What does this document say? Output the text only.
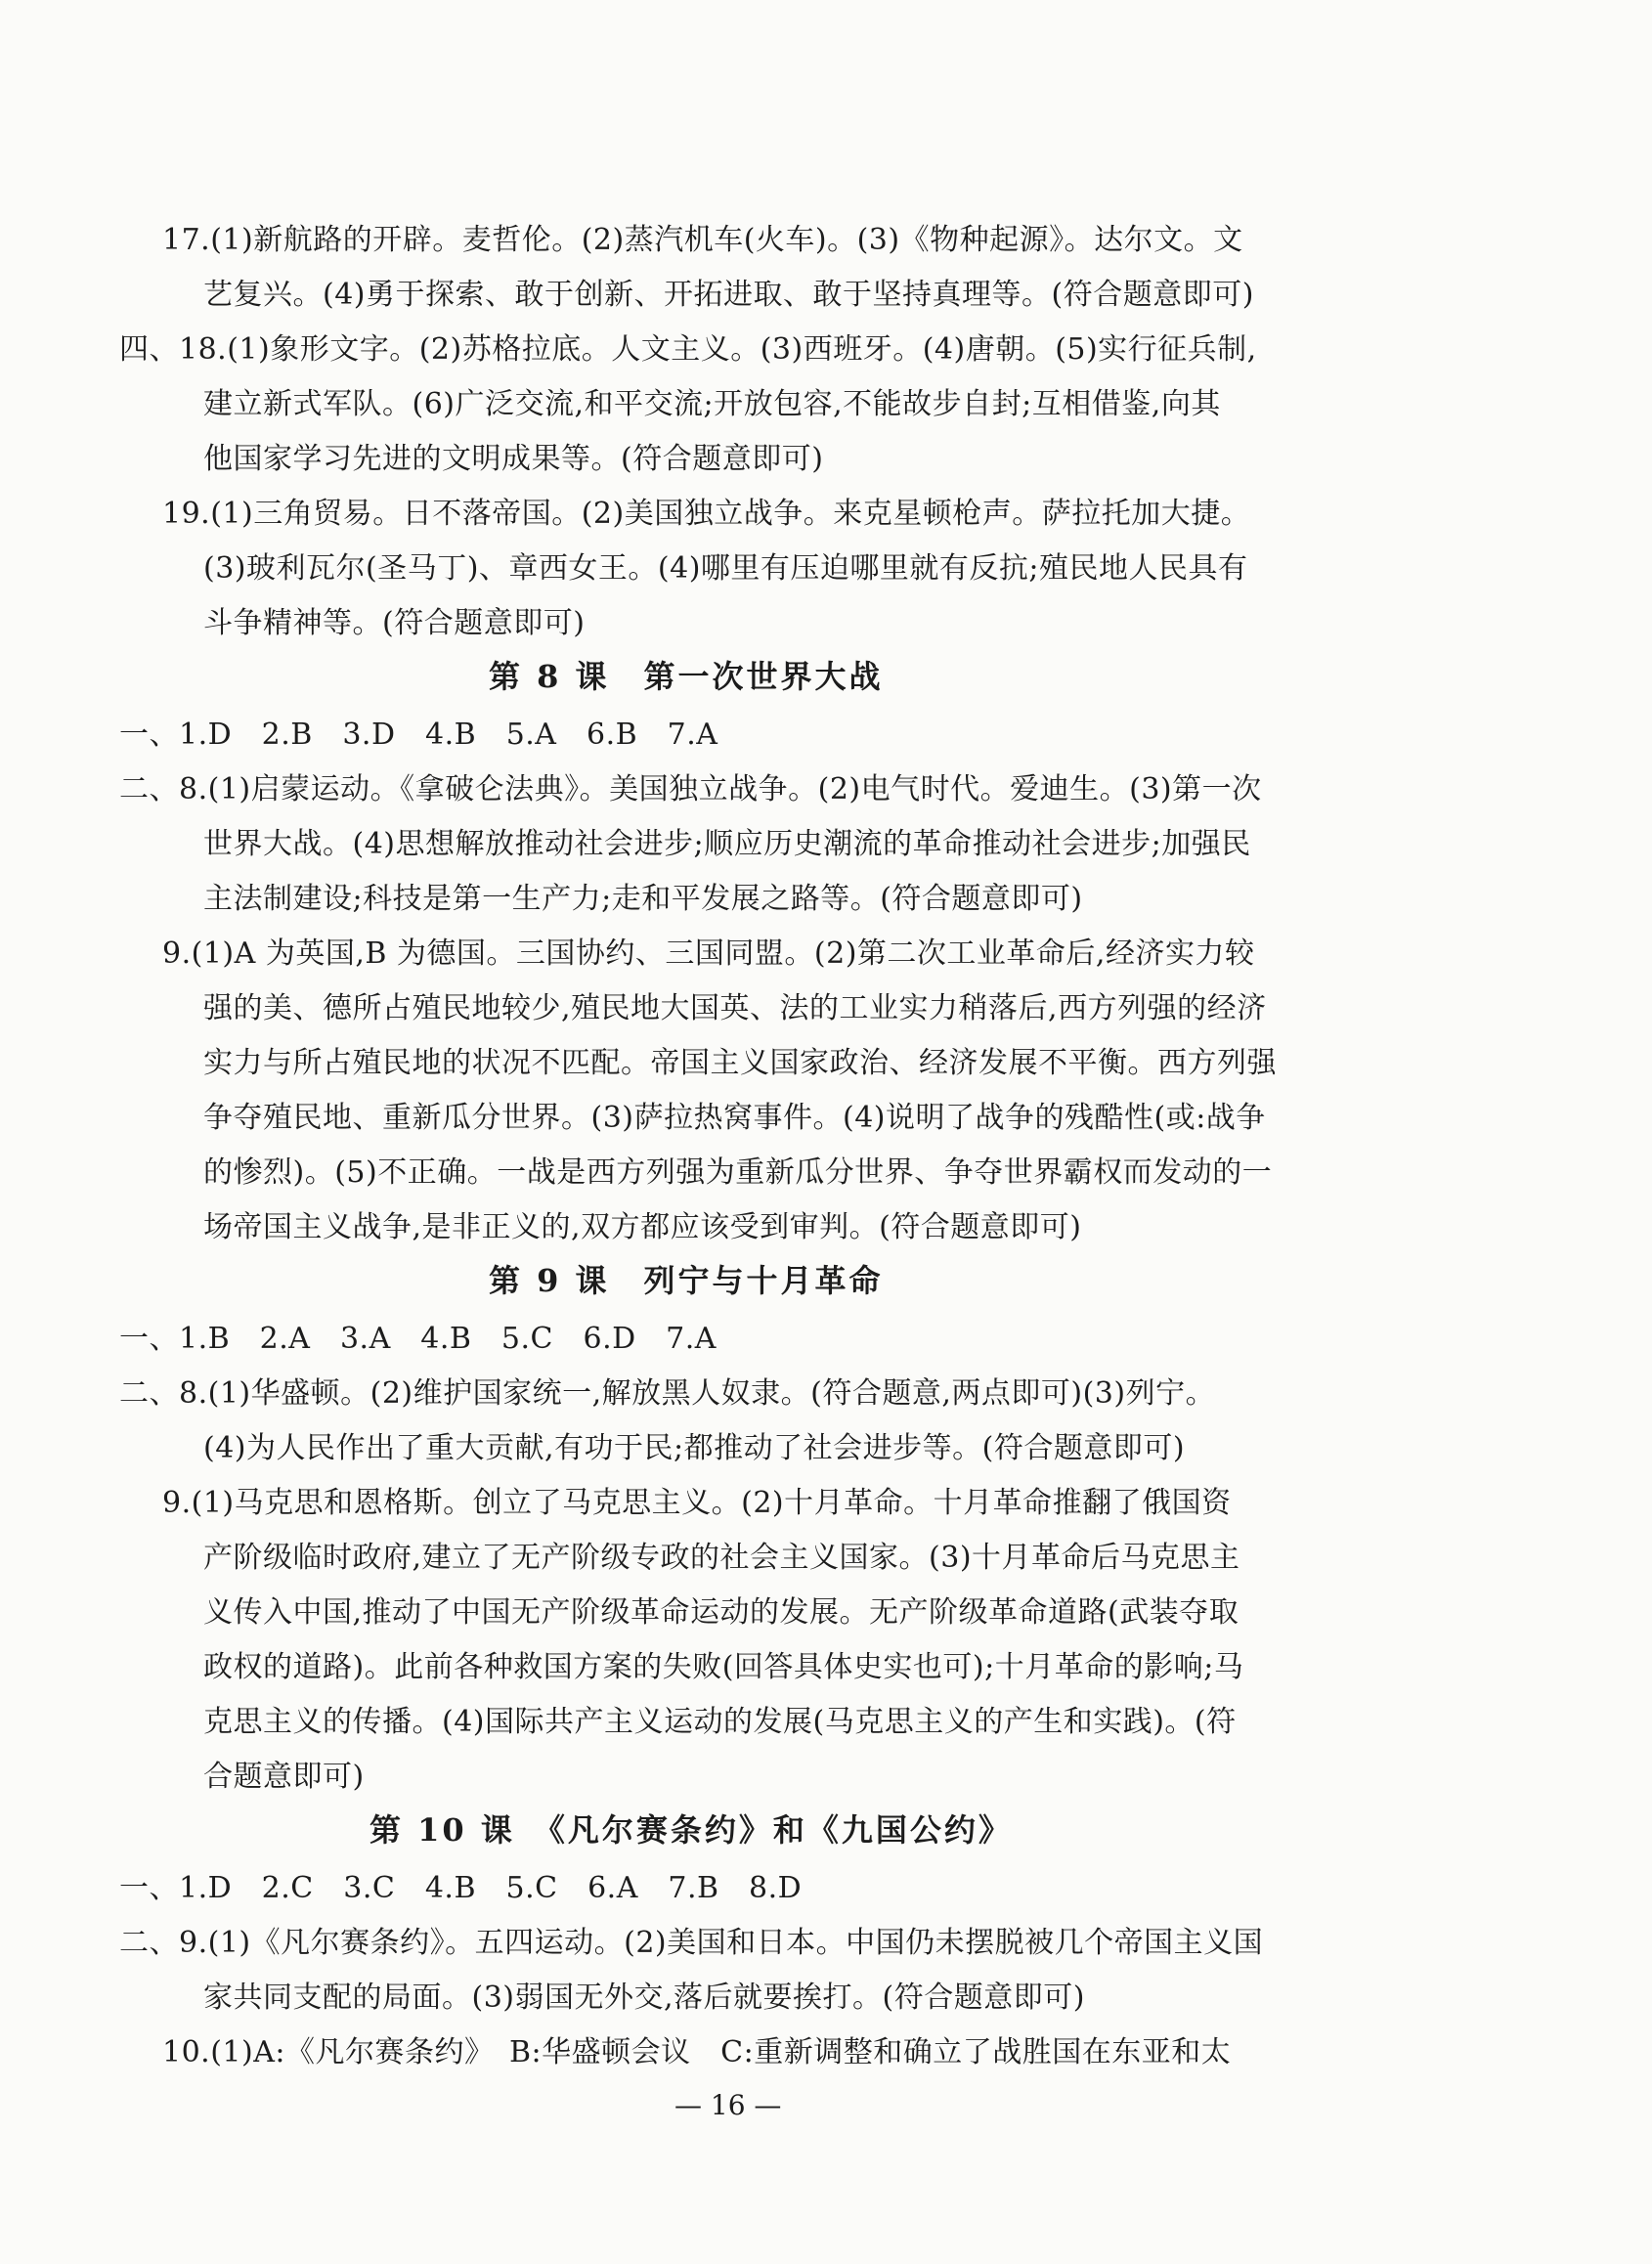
17.(1)新航路的开辟。麦哲伦。(2)蒸汽机车(火车)。(3)《物种起源》。达尔文。文
艺复兴。(4)勇于探索、敢于创新、开拓进取、敢于坚持真理等。(符合题意即可)
四、18.(1)象形文字。(2)苏格拉底。人文主义。(3)西班牙。(4)唐朝。(5)实行征兵制,
建立新式军队。(6)广泛交流,和平交流;开放包容,不能故步自封;互相借鉴,向其
他国家学习先进的文明成果等。(符合题意即可)
19.(1)三角贸易。日不落帝国。(2)美国独立战争。来克星顿枪声。萨拉托加大捷。
(3)玻利瓦尔(圣马丁)、章西女王。(4)哪里有压迫哪里就有反抗;殖民地人民具有
斗争精神等。(符合题意即可)
第 8 课　第一次世界大战
一、1.D　2.B　3.D　4.B　5.A　6.B　7.A
二、8.(1)启蒙运动。《拿破仑法典》。美国独立战争。(2)电气时代。爱迪生。(3)第一次
世界大战。(4)思想解放推动社会进步;顺应历史潮流的革命推动社会进步;加强民
主法制建设;科技是第一生产力;走和平发展之路等。(符合题意即可)
9.(1)A 为英国,B 为德国。三国协约、三国同盟。(2)第二次工业革命后,经济实力较
强的美、德所占殖民地较少,殖民地大国英、法的工业实力稍落后,西方列强的经济
实力与所占殖民地的状况不匹配。帝国主义国家政治、经济发展不平衡。西方列强
争夺殖民地、重新瓜分世界。(3)萨拉热窝事件。(4)说明了战争的残酷性(或:战争
的惨烈)。(5)不正确。一战是西方列强为重新瓜分世界、争夺世界霸权而发动的一
场帝国主义战争,是非正义的,双方都应该受到审判。(符合题意即可)
第 9 课　列宁与十月革命
一、1.B　2.A　3.A　4.B　5.C　6.D　7.A
二、8.(1)华盛顿。(2)维护国家统一,解放黑人奴隶。(符合题意,两点即可)(3)列宁。
(4)为人民作出了重大贡献,有功于民;都推动了社会进步等。(符合题意即可)
9.(1)马克思和恩格斯。创立了马克思主义。(2)十月革命。十月革命推翻了俄国资
产阶级临时政府,建立了无产阶级专政的社会主义国家。(3)十月革命后马克思主
义传入中国,推动了中国无产阶级革命运动的发展。无产阶级革命道路(武装夺取
政权的道路)。此前各种救国方案的失败(回答具体史实也可);十月革命的影响;马
克思主义的传播。(4)国际共产主义运动的发展(马克思主义的产生和实践)。(符
合题意即可)
第 10 课　《凡尔赛条约》和《九国公约》
一、1.D　2.C　3.C　4.B　5.C　6.A　7.B　8.D
二、9.(1)《凡尔赛条约》。五四运动。(2)美国和日本。中国仍未摆脱被几个帝国主义国
家共同支配的局面。(3)弱国无外交,落后就要挨打。(符合题意即可)
10.(1)A:《凡尔赛条约》　B:华盛顿会议　C:重新调整和确立了战胜国在东亚和太
— 16 —
